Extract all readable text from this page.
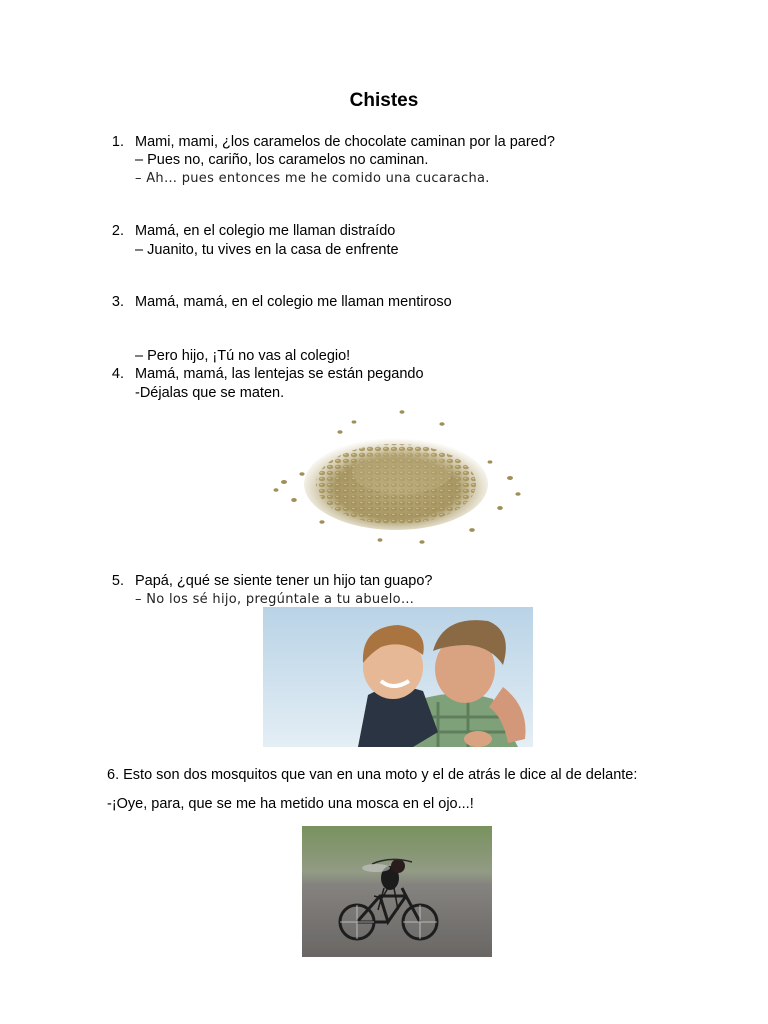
Chistes
1. Mami, mami, ¿los caramelos de chocolate caminan por la pared?
– Pues no, cariño, los caramelos no caminan.
– Ah… pues entonces me he comido una cucaracha.
2. Mamá, en el colegio me llaman distraído
– Juanito, tu vives en la casa de enfrente
3. Mamá, mamá, en el colegio me llaman mentiroso
– Pero hijo, ¡Tú no vas al colegio!
4. Mamá, mamá, las lentejas se están pegando
-Déjalas que se maten.
5. Papá, ¿qué se siente tener un hijo tan guapo?
– No los sé hijo, pregúntale a tu abuelo…
6. Esto son dos mosquitos que van en una moto y el de atrás le dice al de delante:
-¡Oye, para, que se me ha metido una mosca en el ojo...!
